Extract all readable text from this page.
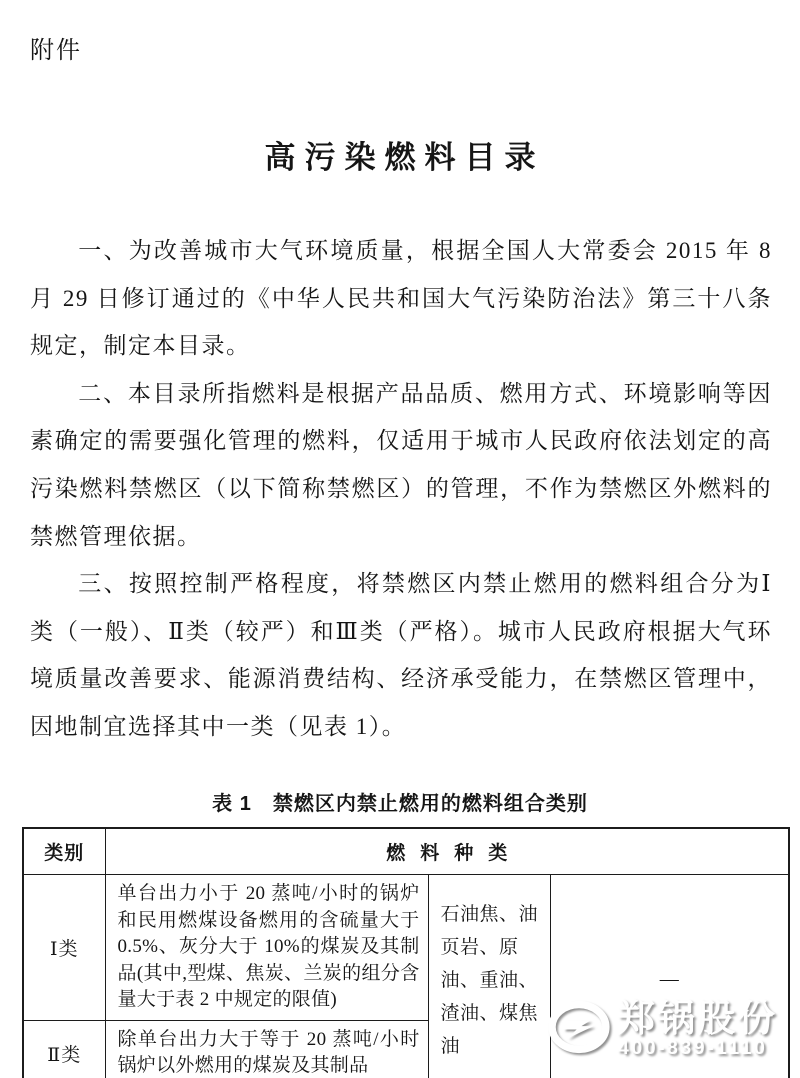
附件
高污染燃料目录

一、为改善城市大气环境质量，根据全国人大常委会 2015 年 8 月 29 日修订通过的《中华人民共和国大气污染防治法》第三十八条规定，制定本目录。

二、本目录所指燃料是根据产品品质、燃用方式、环境影响等因素确定的需要强化管理的燃料，仅适用于城市人民政府依法划定的高污染燃料禁燃区（以下简称禁燃区）的管理，不作为禁燃区外燃料的禁燃管理依据。

三、按照控制严格程度，将禁燃区内禁止燃用的燃料组合分为Ⅰ类（一般）、Ⅱ类（较严）和Ⅲ类（严格）。城市人民政府根据大气环境质量改善要求、能源消费结构、经济承受能力，在禁燃区管理中，因地制宜选择其中一类（见表 1）。

表 1　禁燃区内禁止燃用的燃料组合类别
类别	燃料种类		
Ⅰ类	单台出力小于 20 蒸吨/小时的锅炉和民用燃煤设备燃用的含硫量大于 0.5%、灰分大于 10%的煤炭及其制品(其中,型煤、焦炭、兰炭的组分含量大于表 2 中规定的限值)	石油焦、油页岩、原油、重油、渣油、煤焦油	—
Ⅱ类	除单台出力大于等于 20 蒸吨/小时锅炉以外燃用的煤炭及其制品		
郑锅股份
400-839-1110
